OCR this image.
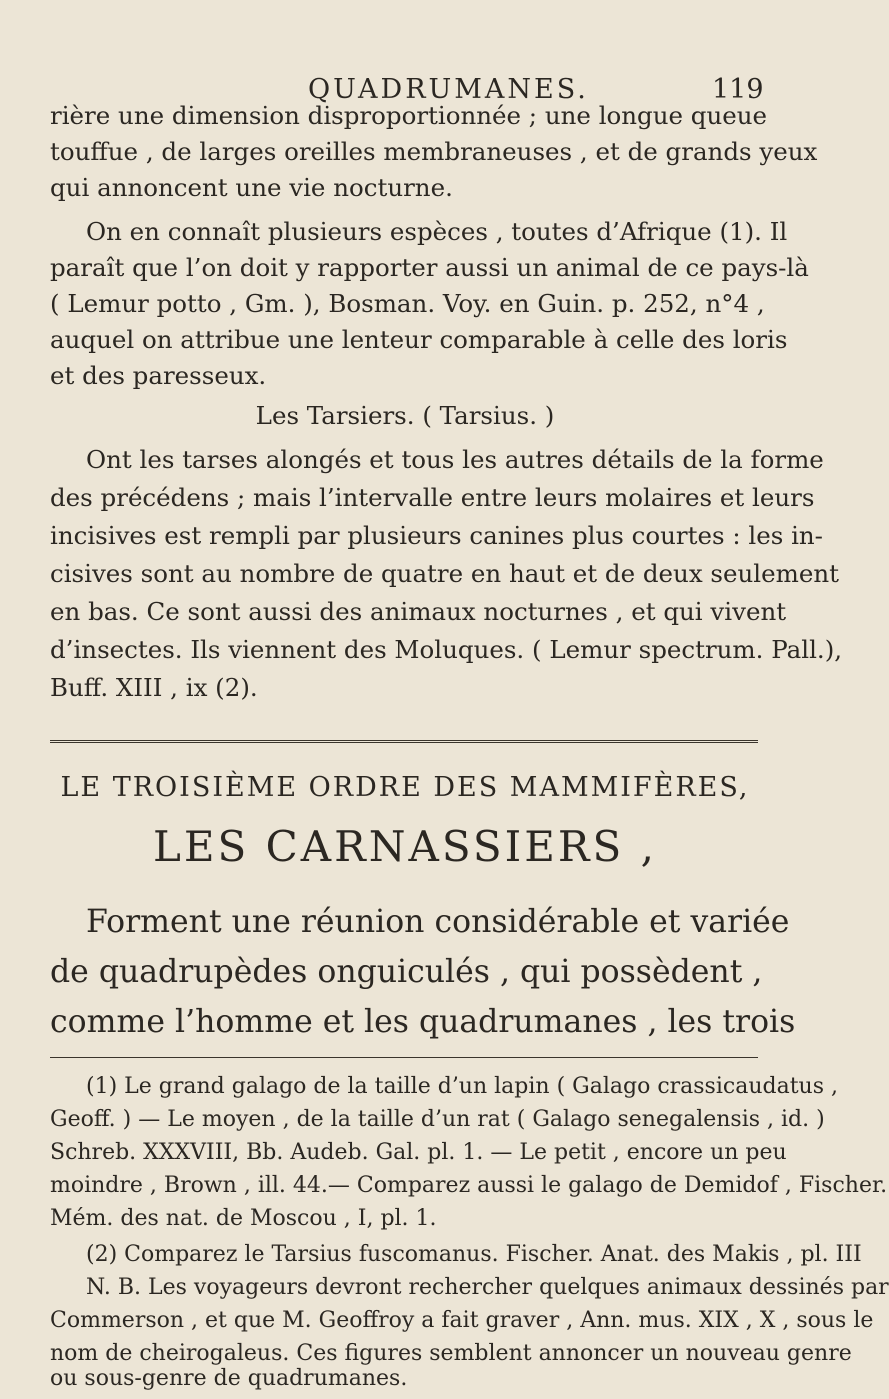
QUADRUMANES.	119
rière une dimension disproportionnée ; une longue queue
touffue , de larges oreilles membraneuses , et de grands yeux
qui annoncent une vie nocturne.
On en connaît plusieurs espèces , toutes d’Afrique (1). Il
paraît que l’on doit y rapporter aussi un animal de ce pays-là
( Lemur potto , Gm. ), Bosman. Voy. en Guin. p. 252, n°4 ,
auquel on attribue une lenteur comparable à celle des loris
et des paresseux.
Les Tarsiers. ( Tarsius. )
Ont les tarses alongés et tous les autres détails de la forme
des précédens ; mais l’intervalle entre leurs molaires et leurs
incisives est rempli par plusieurs canines plus courtes : les in-
cisives sont au nombre de quatre en haut et de deux seulement
en bas. Ce sont aussi des animaux nocturnes , et qui vivent
d’insectes. Ils viennent des Moluques. ( Lemur spectrum. Pall.),
Buff. XIII , ix (2).
LE TROISIÈME ORDRE DES MAMMIFÈRES,
LES CARNASSIERS ,
Forment une réunion considérable et variée
de quadrupèdes onguiculés , qui possèdent ,
comme l’homme et les quadrumanes , les trois
(1) Le grand galago de la taille d’un lapin ( Galago crassicaudatus ,
Geoff. ) — Le moyen , de la taille d’un rat ( Galago senegalensis , id. )
Schreb. XXXVIII, Bb. Audeb. Gal. pl. 1. — Le petit , encore un peu
moindre , Brown , ill. 44.— Comparez aussi le galago de Demidof , Fischer.
Mém. des nat. de Moscou , I, pl. 1.
(2) Comparez le Tarsius fuscomanus. Fischer. Anat. des Makis , pl. III
N. B. Les voyageurs devront rechercher quelques animaux dessinés par
Commerson , et que M. Geoffroy a fait graver , Ann. mus. XIX , X , sous le
nom de cheirogaleus. Ces figures semblent annoncer un nouveau genre
ou sous-genre de quadrumanes.
